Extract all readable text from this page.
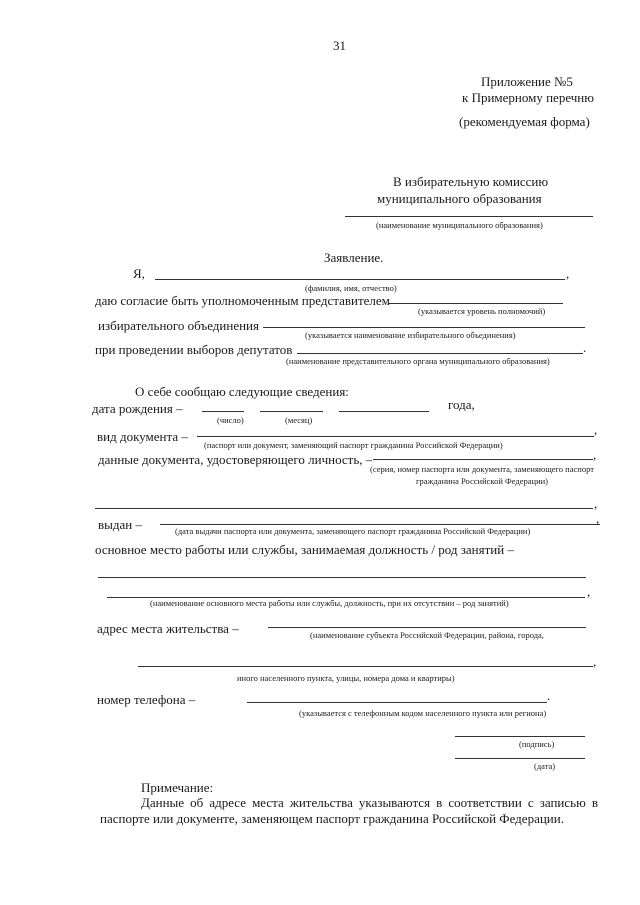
31
Приложение №5
к Примерному перечню
(рекомендуемая форма)
В избирательную комиссию
муниципального образования
(наименование муниципального образования)
Заявление.
Я,	,
(фамилия, имя, отчество)
даю согласие быть уполномоченным представителем
(указывается уровень полномочий)
избирательного объединения
(указывается наименование избирательного объединения)
при проведении выборов депутатов	.
(наименование представительного органа муниципального образования)
О себе сообщаю следующие сведения:
дата рождения –	года,
(число)	(месяц)
вид документа –	,
(паспорт или документ, заменяющий паспорт гражданина Российской Федерации)
данные документа, удостоверяющего личность, –	,
(серия, номер паспорта или документа, заменяющего паспорт гражданина Российской Федерации)
,
выдан –	,
(дата выдачи паспорта или документа, заменяющего паспорт гражданина Российской Федерации)
основное место работы или службы, занимаемая должность / род занятий –
,
(наименование основного места работы или службы, должность, при их отсутствии – род занятий)
адрес места жительства –	(наименование субъекта Российской Федерации, района, города,
,
иного населенного пункта, улицы, номера дома и квартиры)
номер телефона –	.
(указывается с телефонным кодом населенного пункта или региона)
(подпись)
(дата)
Примечание:
Данные об адресе места жительства указываются в соответствии с записью в паспорте или документе, заменяющем паспорт гражданина Российской Федерации.
